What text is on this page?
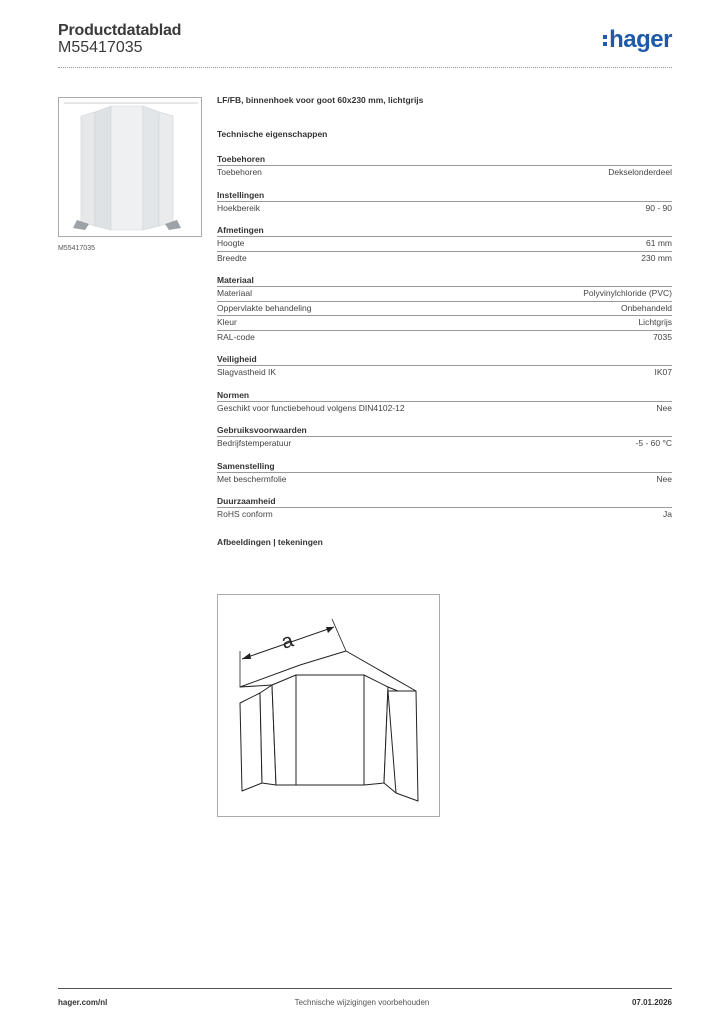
Productdatablad
M55417035	hager
M55417035
LF/FB, binnenhoek voor goot 60x230 mm, lichtgrijs
Technische eigenschappen
Toebehoren
Toebehoren	Dekselonderdeel
Instellingen
Hoekbereik	90 - 90
Afmetingen
Hoogte	61 mm
Breedte	230 mm
Materiaal
Materiaal	Polyvinylchloride (PVC)
Oppervlakte behandeling	Onbehandeld
Kleur	Lichtgrijs
RAL-code	7035
Veiligheid
Slagvastheid IK	IK07
Normen
Geschikt voor functiebehoud volgens DIN4102-12	Nee
Gebruiksvoorwaarden
Bedrijfstemperatuur	-5 - 60 °C
Samenstelling
Met beschermfolie	Nee
Duurzaamheid
RoHS conform	Ja
Afbeeldingen | tekeningen
a
hager.com/nl	Technische wijzigingen voorbehouden	07.01.2026
